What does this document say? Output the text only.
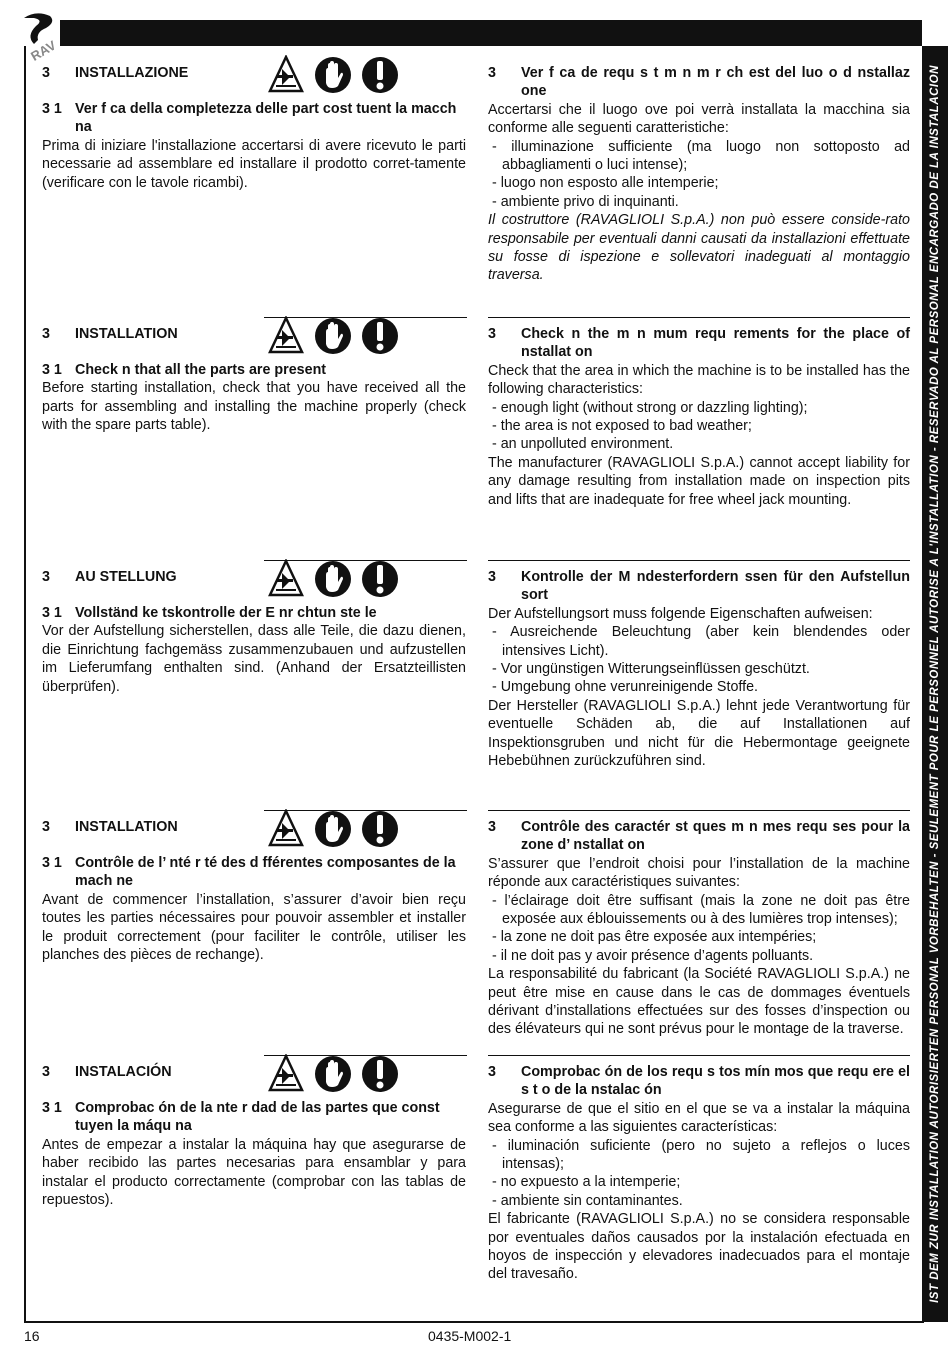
RAV
IST DEM ZUR INSTALLATION AUTORISIERTEN PERSONAL VORBEHALTEN - SEULEMENT POUR LE PERSONNEL AUTORISE A L'INSTALLATION - RESERVADO AL PERSONAL ENCARGADO DE LA INSTALACION
16	0435-M002-1
3	INSTALLAZIONE
3 1 Ver f ca della completezza delle part cost tuent la macch na

Prima di iniziare l'installazione accertarsi di avere ricevuto le parti necessarie ad assemblare ed installare il prodotto corret-tamente (verificare con le tavole ricambi).

3	Ver f ca de requ s t m n m r ch est del luo o d nstallaz one

Accertarsi che il luogo ove poi verrà installata la macchina sia conforme alle seguenti caratteristiche:

- illuminazione sufficiente (ma luogo non sottoposto ad abbagliamenti o luci intense);
- luogo non esposto alle intemperie;
- ambiente privo di inquinanti.

Il costruttore (RAVAGLIOLI S.p.A.) non può essere conside-rato responsabile per eventuali danni causati da installazioni effettuate su fosse di ispezione e sollevatori inadeguati al montaggio traversa.

3	INSTALLATION
3 1 Check n that all the parts are present

Before starting installation, check that you have received all the parts for assembling and installing the machine properly (check with the spare parts table).

3	Check n the m n mum requ rements for the place of nstallat on

Check that the area in which the machine is to be installed has the following characteristics:

- enough light (without strong or dazzling lighting);
- the area is not exposed to bad weather;
- an unpolluted environment.

The manufacturer (RAVAGLIOLI S.p.A.) cannot accept liability for any damage resulting from installation made on inspection pits and lifts that are inadequate for free wheel jack mounting.

3	AU STELLUNG
3 1 Vollständ ke tskontrolle der E nr chtun ste le

Vor der Aufstellung sicherstellen, dass alle Teile, die dazu dienen, die Einrichtung fachgemäss zusammenzubauen und aufzustellen im Lieferumfang enthalten sind. (Anhand der Ersatzteillisten überprüfen).

3	Kontrolle der M ndesterfordern ssen für den Aufstellun sort

Der Aufstellungsort muss folgende Eigenschaften aufweisen:

- Ausreichende Beleuchtung (aber kein blendendes oder intensives Licht).
- Vor ungünstigen Witterungseinflüssen geschützt.
- Umgebung ohne verunreinigende Stoffe.

Der Hersteller (RAVAGLIOLI S.p.A.) lehnt jede Verantwortung für eventuelle Schäden ab, die auf Installationen auf Inspektionsgruben und nicht für die Hebermontage geeignete Hebebühnen zurückzuführen sind.

3	INSTALLATION
3 1 Contrôle de l’ nté r té des d fférentes composantes de la mach ne

Avant de commencer l’installation, s’assurer d’avoir bien reçu toutes les parties nécessaires pour pouvoir assembler et installer le produit correctement (pour faciliter le contrôle, utiliser les planches des pièces de rechange).

3	Contrôle des caractér st ques m n mes requ ses pour la zone d’ nstallat on

S’assurer que l’endroit choisi pour l’installation de la machine réponde aux caractéristiques suivantes:

- l’éclairage doit être suffisant (mais la zone ne doit pas être exposée aux éblouissements ou à des lumières trop intenses);
- la zone ne doit pas être exposée aux intempéries;
- il ne doit pas y avoir présence d’agents polluants.

La responsabilité du fabricant (la Société RAVAGLIOLI S.p.A.) ne peut être mise en cause dans le cas de dommages éventuels dérivant d’installations effectuées sur des fosses d’inspection ou des élévateurs qui ne sont prévus pour le montage de la traverse.

3	INSTALACIÓN
3 1 Comprobac ón de la nte r dad de las partes que const tuyen la máqu na

Antes de empezar a instalar la máquina hay que asegurarse de haber recibido las partes necesarias para ensamblar y para instalar el producto correctamente (comprobar con las tablas de repuestos).

3	Comprobac ón de los requ s tos mín mos que requ ere el s t o de la nstalac ón

Asegurarse de que el sitio en el que se va a instalar la máquina sea conforme a las siguientes características:

- iluminación suficiente (pero no sujeto a reflejos o luces intensas);
- no expuesto a la intemperie;
- ambiente sin contaminantes.

El fabricante (RAVAGLIOLI S.p.A.) no se considera responsable por eventuales daños causados por la instalación efectuada en hoyos de inspección y elevadores inadecuados para el montaje del travesaño.
